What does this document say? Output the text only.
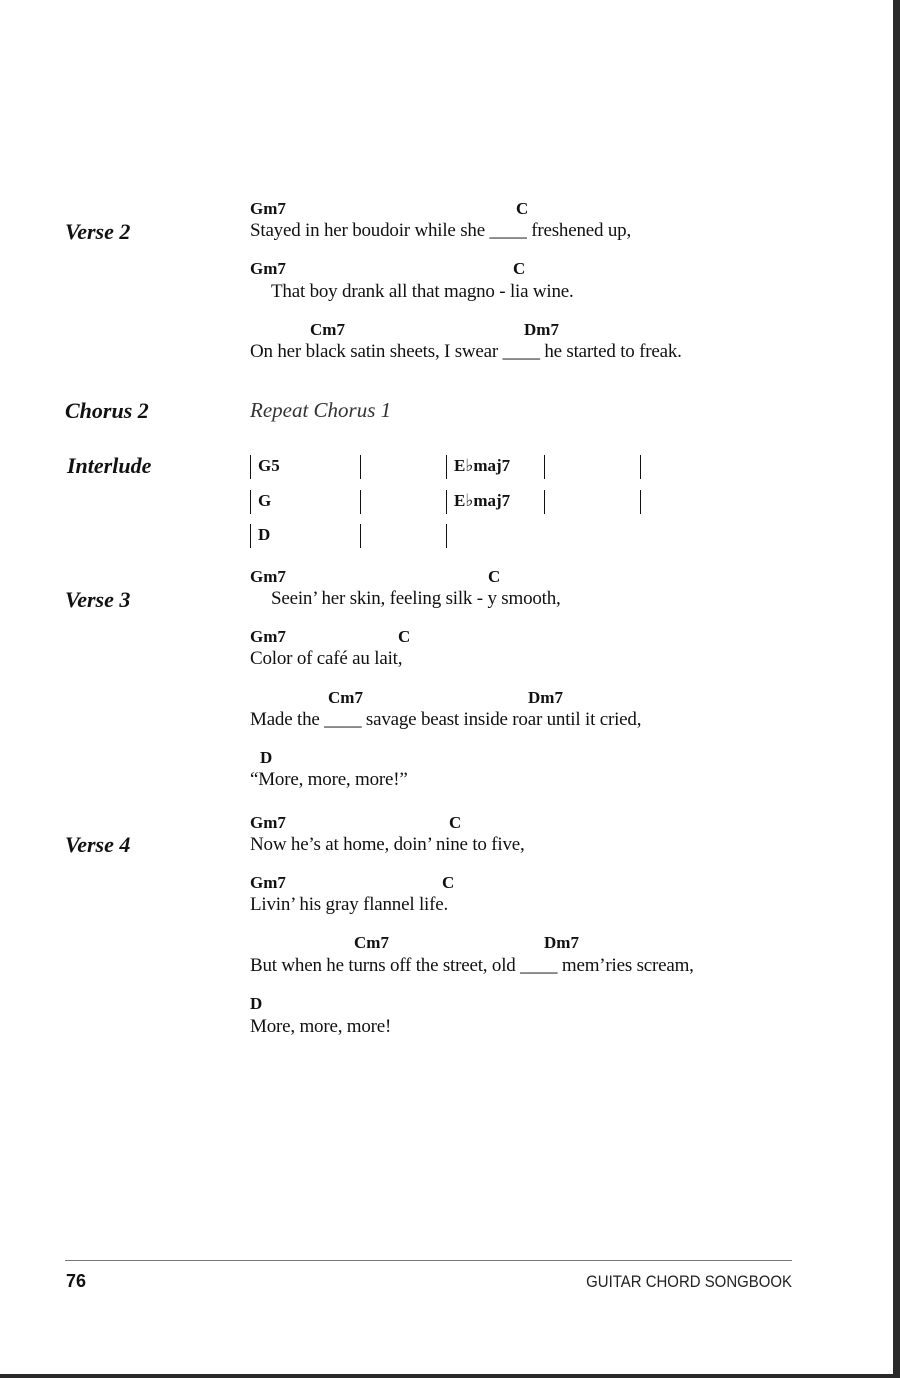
Verse 2
Gm7	C
Stayed in her boudoir while she ____ freshened up,
Gm7	C
That boy drank all that magno - lia wine.
Cm7	Dm7
On her black satin sheets, I swear ____ he started to freak.
Chorus 2	Repeat Chorus 1
Interlude	G5	E♭maj7
G	E♭maj7
D
Verse 3
Gm7	C
Seein’ her skin, feeling silk - y smooth,
Gm7	C
Color of café au lait,
Cm7	Dm7
Made the ____ savage beast inside roar until it cried,
D
“More, more, more!”
Verse 4
Gm7	C
Now he’s at home, doin’ nine to five,
Gm7	C
Livin’ his gray flannel life.
Cm7	Dm7
But when he turns off the street, old ____ mem’ries scream,
D
More, more, more!
76	GUITAR CHORD SONGBOOK
